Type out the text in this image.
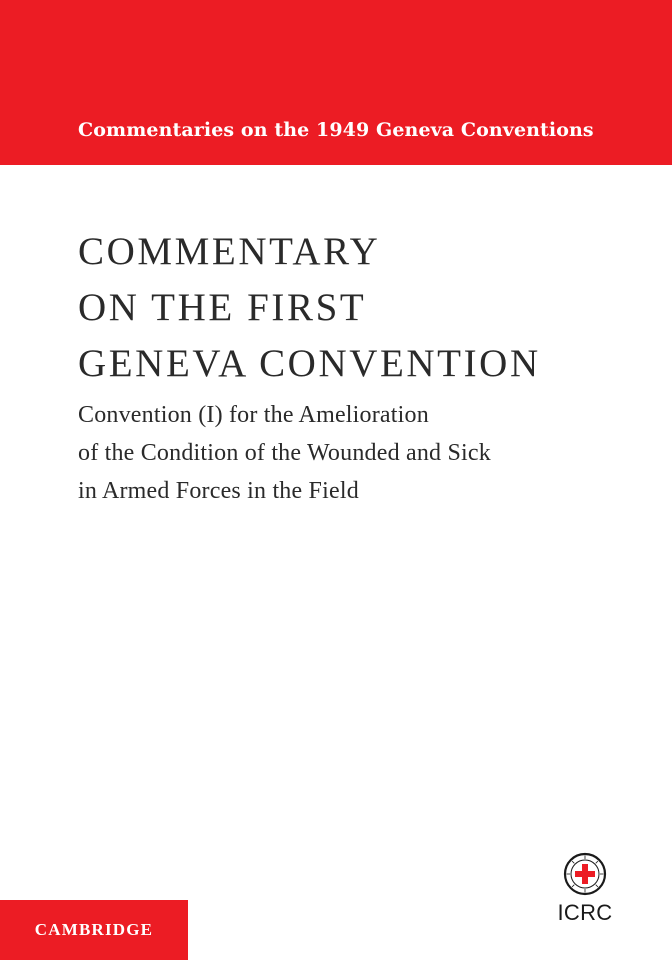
Commentaries on the 1949 Geneva Conventions
COMMENTARY
ON THE FIRST
GENEVA CONVENTION
Convention (I) for the Amelioration
of the Condition of the Wounded and Sick
in Armed Forces in the Field
CAMBRIDGE
ICRC
